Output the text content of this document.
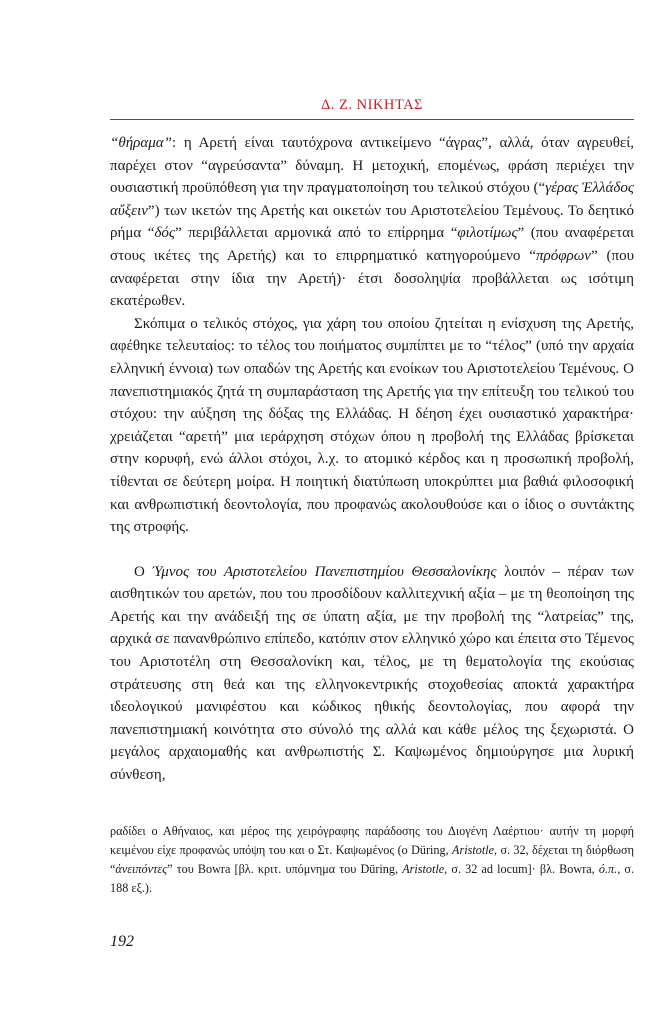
Δ. Ζ. ΝΙΚΗΤΑΣ

“θήραμα”: η Αρετή είναι ταυτόχρονα αντικείμενο “άγρας”, αλλά, όταν αγρευθεί, παρέχει στον “αγρεύσαντα” δύναμη. Η μετοχική, επομένως, φράση περιέχει την ουσιαστική προϋπόθεση για την πραγματοποίηση του τελικού στόχου (“γέρας Ἑλλάδος αὔξειν”) των ικετών της Αρετής και οικετών του Αριστοτελείου Τεμένους. Το δεητικό ρήμα “δός” περιβάλλεται αρμονικά από το επίρρημα “φιλοτίμως” (που αναφέρεται στους ικέτες της Αρετής) και το επιρρηματικό κατηγορούμενο “πρόφρων” (που αναφέρεται στην ίδια την Αρετή)· έτσι δοσοληψία προβάλλεται ως ισότιμη εκατέρωθεν.

Σκόπιμα ο τελικός στόχος, για χάρη του οποίου ζητείται η ενίσχυση της Αρετής, αφέθηκε τελευταίος: το τέλος του ποιήματος συμπίπτει με το “τέλος” (υπό την αρχαία ελληνική έννοια) των οπαδών της Αρετής και ενοίκων του Αριστοτελείου Τεμένους. Ο πανεπιστημιακός ζητά τη συμπαράσταση της Αρετής για την επίτευξη του τελικού του στόχου: την αύξηση της δόξας της Ελλάδας. Η δέηση έχει ουσιαστικό χαρακτήρα· χρειάζεται “αρετή” μια ιεράρχηση στόχων όπου η προβολή της Ελλάδας βρίσκεται στην κορυφή, ενώ άλλοι στόχοι, λ.χ. το ατομικό κέρδος και η προσωπική προβολή, τίθενται σε δεύτερη μοίρα. Η ποιητική διατύπωση υποκρύπτει μια βαθιά φιλοσοφική και ανθρωπιστική δεοντολογία, που προφανώς ακολουθούσε και ο ίδιος ο συντάκτης της στροφής.

Ο Ύμνος του Αριστοτελείου Πανεπιστημίου Θεσσαλονίκης λοιπόν – πέραν των αισθητικών του αρετών, που του προσδίδουν καλλιτεχνική αξία – με τη θεοποίηση της Αρετής και την ανάδειξή της σε ύπατη αξία, με την προβολή της “λατρείας” της, αρχικά σε πανανθρώπινο επίπεδο, κατόπιν στον ελληνικό χώρο και έπειτα στο Τέμενος του Αριστοτέλη στη Θεσσαλονίκη και, τέλος, με τη θεματολογία της εκούσιας στράτευσης στη θεά και της ελληνοκεντρικής στοχοθεσίας αποκτά χαρακτήρα ιδεολογικού μανιφέστου και κώδικος ηθικής δεοντολογίας, που αφορά την πανεπιστημιακή κοινότητα στο σύνολό της αλλά και κάθε μέλος της ξεχωριστά. Ο μεγάλος αρχαιομαθής και ανθρωπιστής Σ. Καψωμένος δημιούργησε μια λυρική σύνθεση,

ραδίδει ο Αθήναιος, και μέρος της χειρόγραφης παράδοσης του Διογένη Λαέρτιου· αυτήν τη μορφή κειμένου είχε προφανώς υπόψη του και ο Στ. Καψωμένος (ο Düring, Aristotle, σ. 32, δέχεται τη διόρθωση “ἀνειπόντες” του Bowra [βλ. κριτ. υπόμνημα του Düring, Aristotle, σ. 32 ad locum]· βλ. Bowra, ό.π., σ. 188 εξ.).

192
